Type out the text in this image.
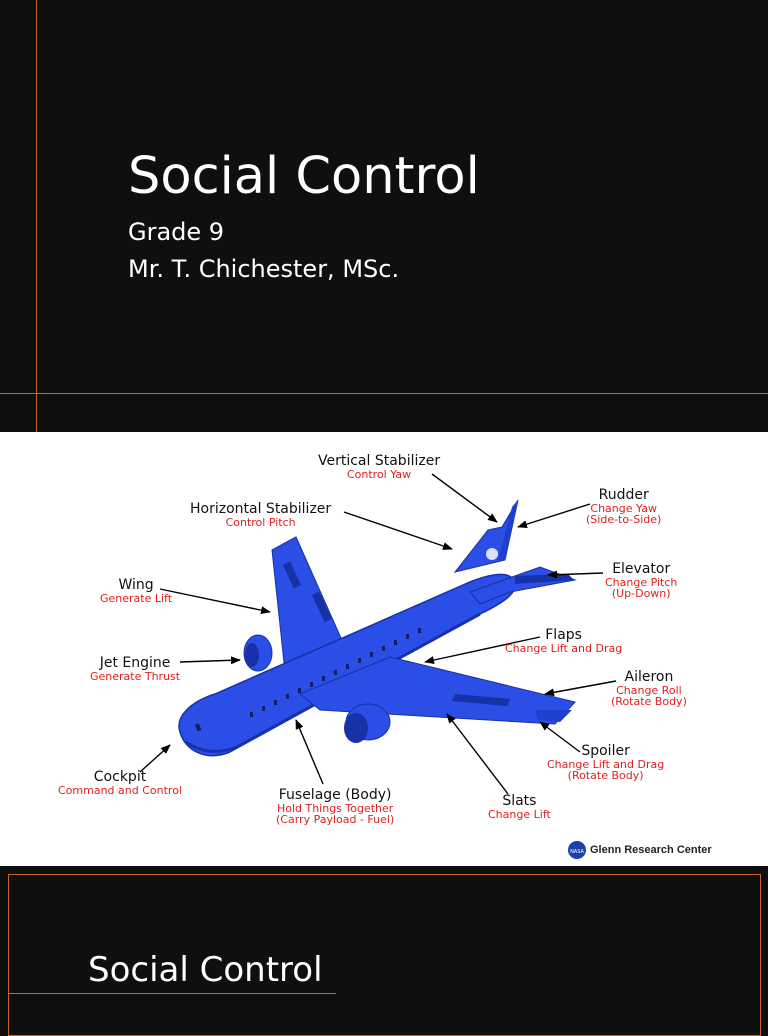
Social Control
Grade 9
Mr. T. Chichester, MSc.
NASA
Vertical Stabilizer
Control Yaw
Horizontal Stabilizer
Control Pitch
Rudder
Change Yaw
(Side-to-Side)
Wing
Generate Lift
Elevator
Change Pitch
(Up-Down)
Flaps
Change Lift and Drag
Jet Engine
Generate Thrust	Aileron
Change Roll
(Rotate Body)
Spoiler
Change Lift and Drag
(Rotate Body)
Cockpit
Command and Control	Fuselage (Body)
Hold Things Together
(Carry Payload - Fuel)
Slats
Change Lift
Glenn Research Center
Social Control
